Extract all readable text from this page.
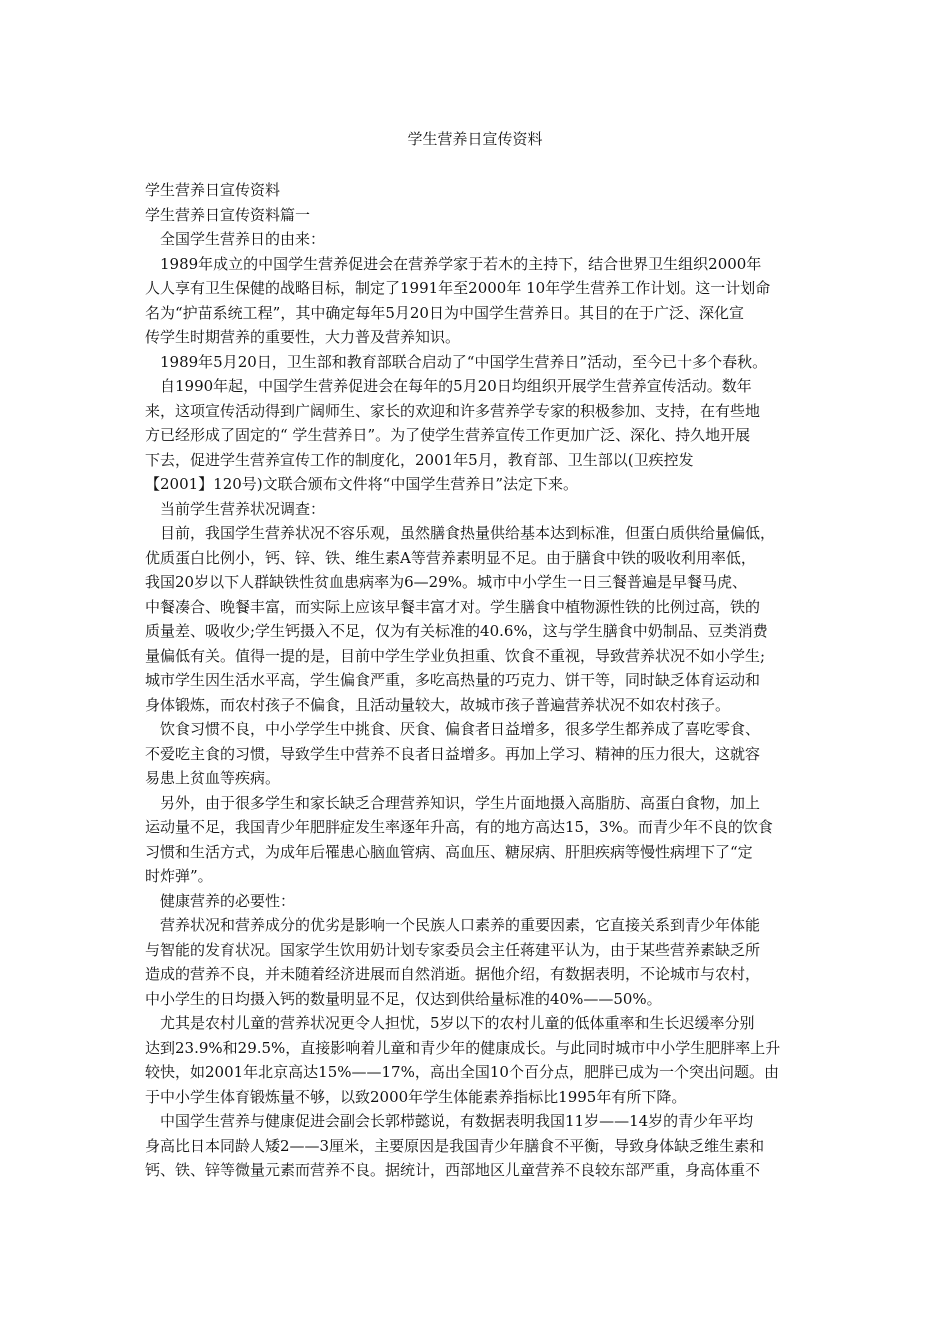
学生营养日宣传资料

学生营养日宣传资料

学生营养日宣传资料篇一

全国学生营养日的由来：

1989年成立的中国学生营养促进会在营养学家于若木的主持下，结合世界卫生组织2000年

人人享有卫生保健的战略目标，制定了1991年至2000年 10年学生营养工作计划。这一计划命

名为“护苗系统工程”，其中确定每年5月20日为中国学生营养日。其目的在于广泛、深化宣

传学生时期营养的重要性，大力普及营养知识。

1989年5月20日，卫生部和教育部联合启动了“中国学生营养日”活动，至今已十多个春秋。

自1990年起，中国学生营养促进会在每年的5月20日均组织开展学生营养宣传活动。数年

来，这项宣传活动得到广阔师生、家长的欢迎和许多营养学专家的积极参加、支持，在有些地

方已经形成了固定的“ 学生营养日”。为了使学生营养宣传工作更加广泛、深化、持久地开展

下去，促进学生营养宣传工作的制度化，2001年5月，教育部、卫生部以(卫疾控发

【2001】120号)文联合颁布文件将“中国学生营养日”法定下来。

当前学生营养状况调查：

目前，我国学生营养状况不容乐观，虽然膳食热量供给基本达到标准，但蛋白质供给量偏低，

优质蛋白比例小，钙、锌、铁、维生素A等营养素明显不足。由于膳食中铁的吸收利用率低，

我国20岁以下人群缺铁性贫血患病率为6—29%。城市中小学生一日三餐普遍是早餐马虎、

中餐凑合、晚餐丰富，而实际上应该早餐丰富才对。学生膳食中植物源性铁的比例过高，铁的

质量差、吸收少;学生钙摄入不足，仅为有关标准的40.6%，这与学生膳食中奶制品、豆类消费

量偏低有关。值得一提的是，目前中学生学业负担重、饮食不重视，导致营养状况不如小学生;

城市学生因生活水平高，学生偏食严重，多吃高热量的巧克力、饼干等，同时缺乏体育运动和

身体锻炼，而农村孩子不偏食，且活动量较大，故城市孩子普遍营养状况不如农村孩子。

饮食习惯不良，中小学学生中挑食、厌食、偏食者日益增多，很多学生都养成了喜吃零食、

不爱吃主食的习惯，导致学生中营养不良者日益增多。再加上学习、精神的压力很大，这就容

易患上贫血等疾病。

另外，由于很多学生和家长缺乏合理营养知识，学生片面地摄入高脂肪、高蛋白食物，加上

运动量不足，我国青少年肥胖症发生率逐年升高，有的地方高达15，3%。而青少年不良的饮食

习惯和生活方式，为成年后罹患心脑血管病、高血压、糖尿病、肝胆疾病等慢性病埋下了“定

时炸弹”。

健康营养的必要性：

营养状况和营养成分的优劣是影响一个民族人口素养的重要因素，它直接关系到青少年体能

与智能的发育状况。国家学生饮用奶计划专家委员会主任蒋建平认为，由于某些营养素缺乏所

造成的营养不良，并未随着经济进展而自然消逝。据他介绍，有数据表明，不论城市与农村，

中小学生的日均摄入钙的数量明显不足，仅达到供给量标准的40%——50%。

尤其是农村儿童的营养状况更令人担忧，5岁以下的农村儿童的低体重率和生长迟缓率分别

达到23.9%和29.5%，直接影响着儿童和青少年的健康成长。与此同时城市中小学生肥胖率上升

较快，如2001年北京高达15%——17%，高出全国10个百分点，肥胖已成为一个突出问题。由

于中小学生体育锻炼量不够，以致2000年学生体能素养指标比1995年有所下降。

中国学生营养与健康促进会副会长郭栉懿说，有数据表明我国11岁——14岁的青少年平均

身高比日本同龄人矮2——3厘米，主要原因是我国青少年膳食不平衡，导致身体缺乏维生素和

钙、铁、锌等微量元素而营养不良。据统计，西部地区儿童营养不良较东部严重，身高体重不
